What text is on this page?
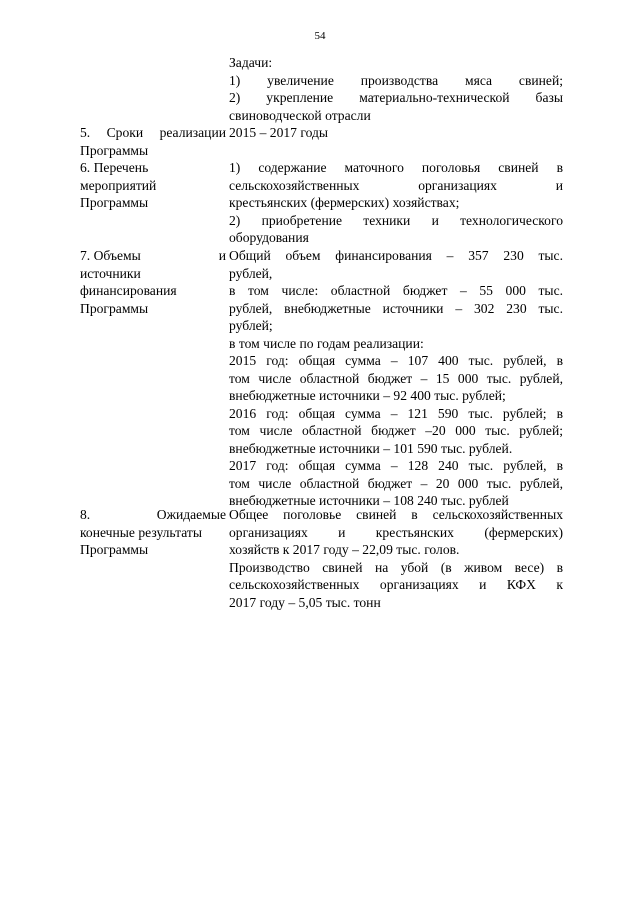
54
Задачи:
1) увеличение производства мяса свиней;
2) укрепление материально-технической базы
свиноводческой отрасли
5. Сроки реализации
Программы
2015 – 2017 годы
6. Перечень
мероприятий
Программы
1) содержание маточного поголовья свиней в
сельскохозяйственных организациях и
крестьянских (фермерских) хозяйствах;
2) приобретение техники и технологического
оборудования
7. Объемы	и
источники
финансирования
Программы
Общий объем финансирования – 357 230 тыс.
рублей,
в том числе: областной бюджет – 55 000 тыс.
рублей, внебюджетные источники – 302 230 тыс.
рублей;
в том числе по годам реализации:
2015 год: общая сумма – 107 400 тыс. рублей, в
том числе областной бюджет – 15 000 тыс. рублей,
внебюджетные источники – 92 400 тыс. рублей;
2016 год: общая сумма – 121 590 тыс. рублей; в
том числе областной бюджет –20 000 тыс. рублей;
внебюджетные источники – 101 590 тыс. рублей.
2017 год: общая сумма – 128 240 тыс. рублей, в
том числе областной бюджет – 20 000 тыс. рублей,
внебюджетные источники – 108 240 тыс. рублей
8.	Ожидаемые
конечные результаты
Программы
Общее поголовье свиней в сельскохозяйственных
организациях и крестьянских (фермерских)
хозяйств к 2017 году – 22,09 тыс. голов.
Производство свиней на убой (в живом весе) в
сельскохозяйственных организациях и КФХ к
2017 году – 5,05 тыс. тонн
